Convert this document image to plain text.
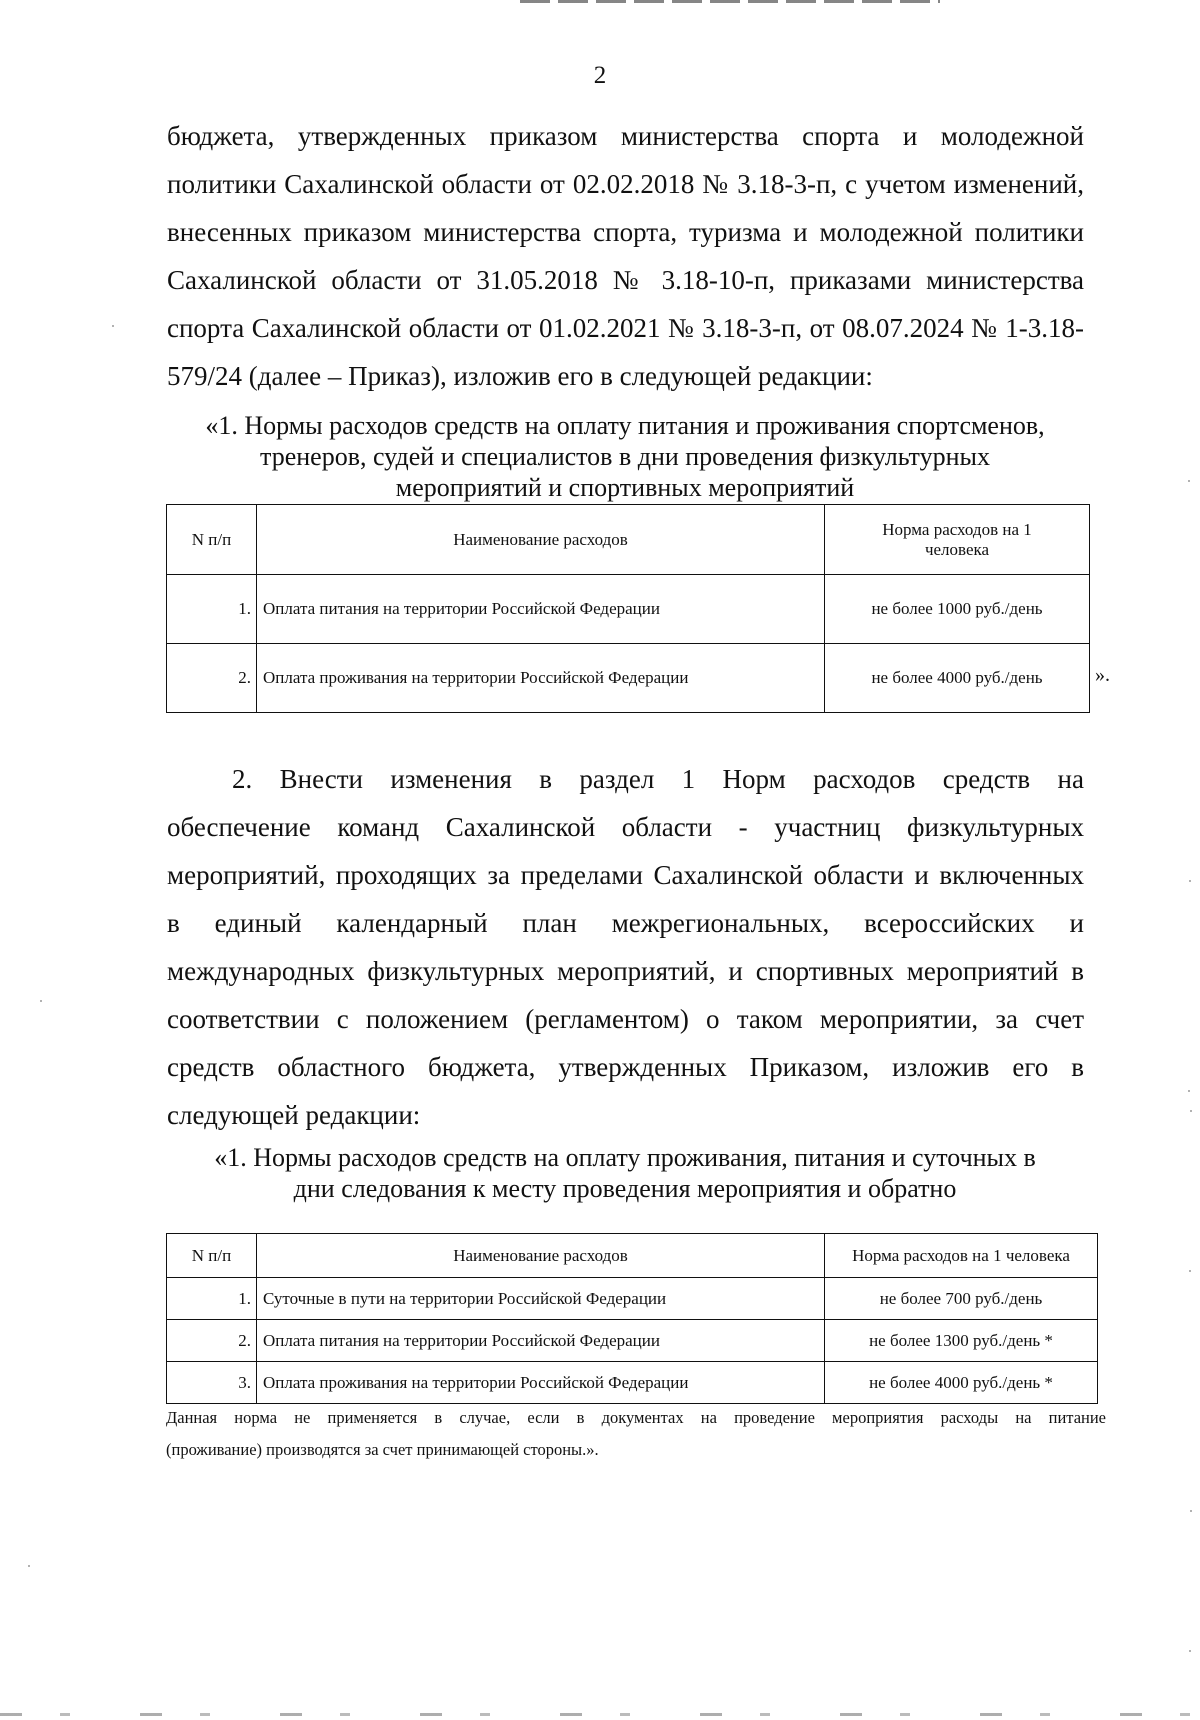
2
бюджета, утвержденных приказом министерства спорта и молодежной
политики Сахалинской области от 02.02.2018 № 3.18-3-п, с учетом изменений,
внесенных приказом министерства спорта, туризма и молодежной политики
Сахалинской области от 31.05.2018 № 3.18-10-п, приказами министерства
спорта Сахалинской области от 01.02.2021 № 3.18-3-п, от 08.07.2024 № 1-3.18-
579/24 (далее – Приказ), изложив его в следующей редакции:
«1. Нормы расходов средств на оплату питания и проживания спортсменов,
тренеров, судей и специалистов в дни проведения физкультурных
мероприятий и спортивных мероприятий
N п/п	Наименование расходов	Норма расходов на 1 человека
1.	Оплата питания на территории Российской Федерации	не более 1000 руб./день
2.	Оплата проживания на территории Российской Федерации	не более 4000 руб./день	».
2. Внести изменения в раздел 1 Норм расходов средств на
обеспечение команд Сахалинской области - участниц физкультурных
мероприятий, проходящих за пределами Сахалинской области и включенных
в единый календарный план межрегиональных, всероссийских и
международных физкультурных мероприятий, и спортивных мероприятий в
соответствии с положением (регламентом) о таком мероприятии, за счет
средств областного бюджета, утвержденных Приказом, изложив его в
следующей редакции:
«1. Нормы расходов средств на оплату проживания, питания и суточных в
дни следования к месту проведения мероприятия и обратно
N п/п	Наименование расходов	Норма расходов на 1 человека
1.	Суточные в пути на территории Российской Федерации	не более 700 руб./день
2.	Оплата питания на территории Российской Федерации	не более 1300 руб./день *
3.	Оплата проживания на территории Российской Федерации	не более 4000 руб./день *
Данная норма не применяется в случае, если в документах на проведение мероприятия расходы на питание
(проживание) производятся за счет принимающей стороны.».
